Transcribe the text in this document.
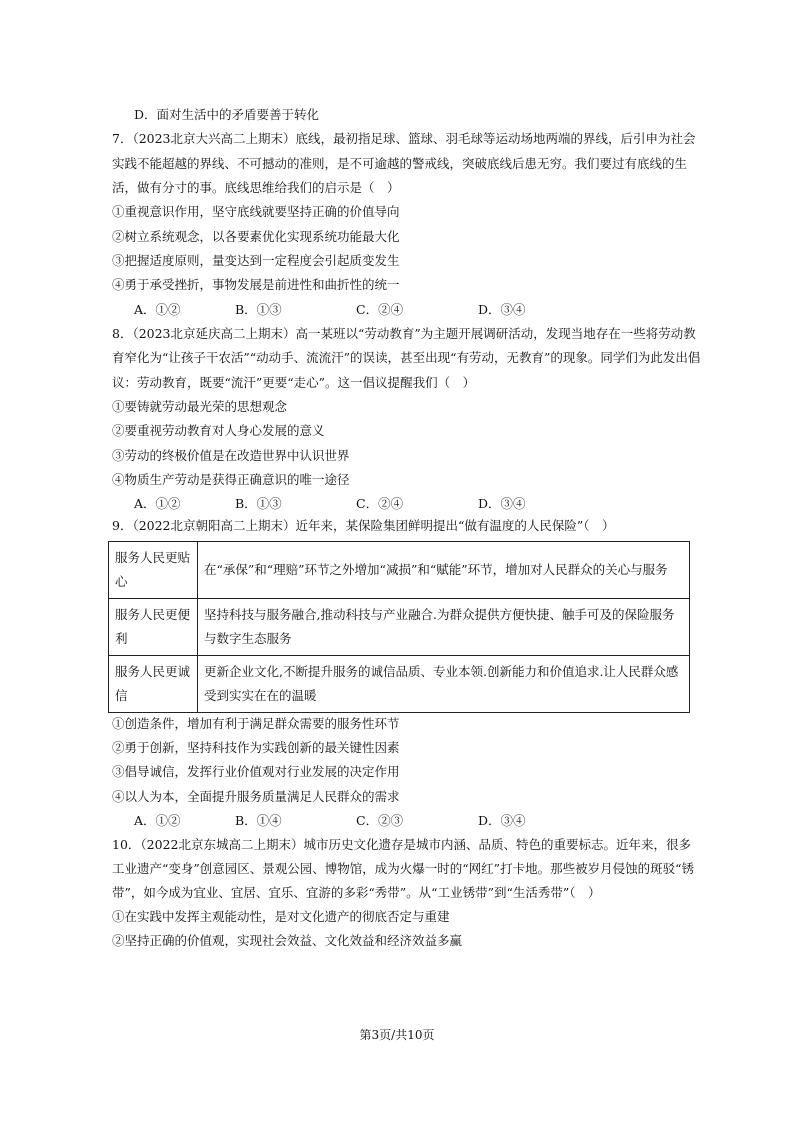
D．面对生活中的矛盾要善于转化
7．（2023北京大兴高二上期末）底线，最初指足球、篮球、羽毛球等运动场地两端的界线，后引申为社会
实践不能超越的界线、不可撼动的准则，是不可逾越的警戒线，突破底线后患无穷。我们要过有底线的生
活，做有分寸的事。底线思维给我们的启示是（　）
①重视意识作用，坚守底线就要坚持正确的价值导向
②树立系统观念，以各要素优化实现系统功能最大化
③把握适度原则，量变达到一定程度会引起质变发生
④勇于承受挫折，事物发展是前进性和曲折性的统一
A．①②	B．①③	C．②④	D．③④
8．（2023北京延庆高二上期末）高一某班以“劳动教育”为主题开展调研活动，发现当地存在一些将劳动教
育窄化为“让孩子干农活”“动动手、流流汗”的误读，甚至出现“有劳动，无教育”的现象。同学们为此发出倡
议：劳动教育，既要“流汗”更要“走心”。这一倡议提醒我们（　）
①要铸就劳动最光荣的思想观念
②要重视劳动教育对人身心发展的意义
③劳动的终极价值是在改造世界中认识世界
④物质生产劳动是获得正确意识的唯一途径
A．①②	B．①③	C．②④	D．③④
9．（2022北京朝阳高二上期末）近年来，某保险集团鲜明提出“做有温度的人民保险”（　）
服务人民更贴心	在“承保”和“理赔”环节之外增加“减损”和“赋能”环节，增加对人民群众的关心与服务
服务人民更便利	坚持科技与服务融合,推动科技与产业融合.为群众提供方便快捷、触手可及的保险服务与数字生态服务
服务人民更诚信	更新企业文化,不断提升服务的诚信品质、专业本领.创新能力和价值追求.让人民群众感受到实实在在的温暖
①创造条件，增加有利于满足群众需要的服务性环节
②勇于创新，坚持科技作为实践创新的最关键性因素
③倡导诚信，发挥行业价值观对行业发展的决定作用
④以人为本，全面提升服务质量满足人民群众的需求
A．①②	B．①④	C．②③	D．③④
10．（2022北京东城高二上期末）城市历史文化遗存是城市内涵、品质、特色的重要标志。近年来，很多
工业遗产“变身”创意园区、景观公园、博物馆，成为火爆一时的“网红”打卡地。那些被岁月侵蚀的斑驳“锈
带”，如今成为宜业、宜居、宜乐、宜游的多彩“秀带”。从“工业锈带”到“生活秀带”（　）
①在实践中发挥主观能动性，是对文化遗产的彻底否定与重建
②坚持正确的价值观，实现社会效益、文化效益和经济效益多赢
第3页/共10页
